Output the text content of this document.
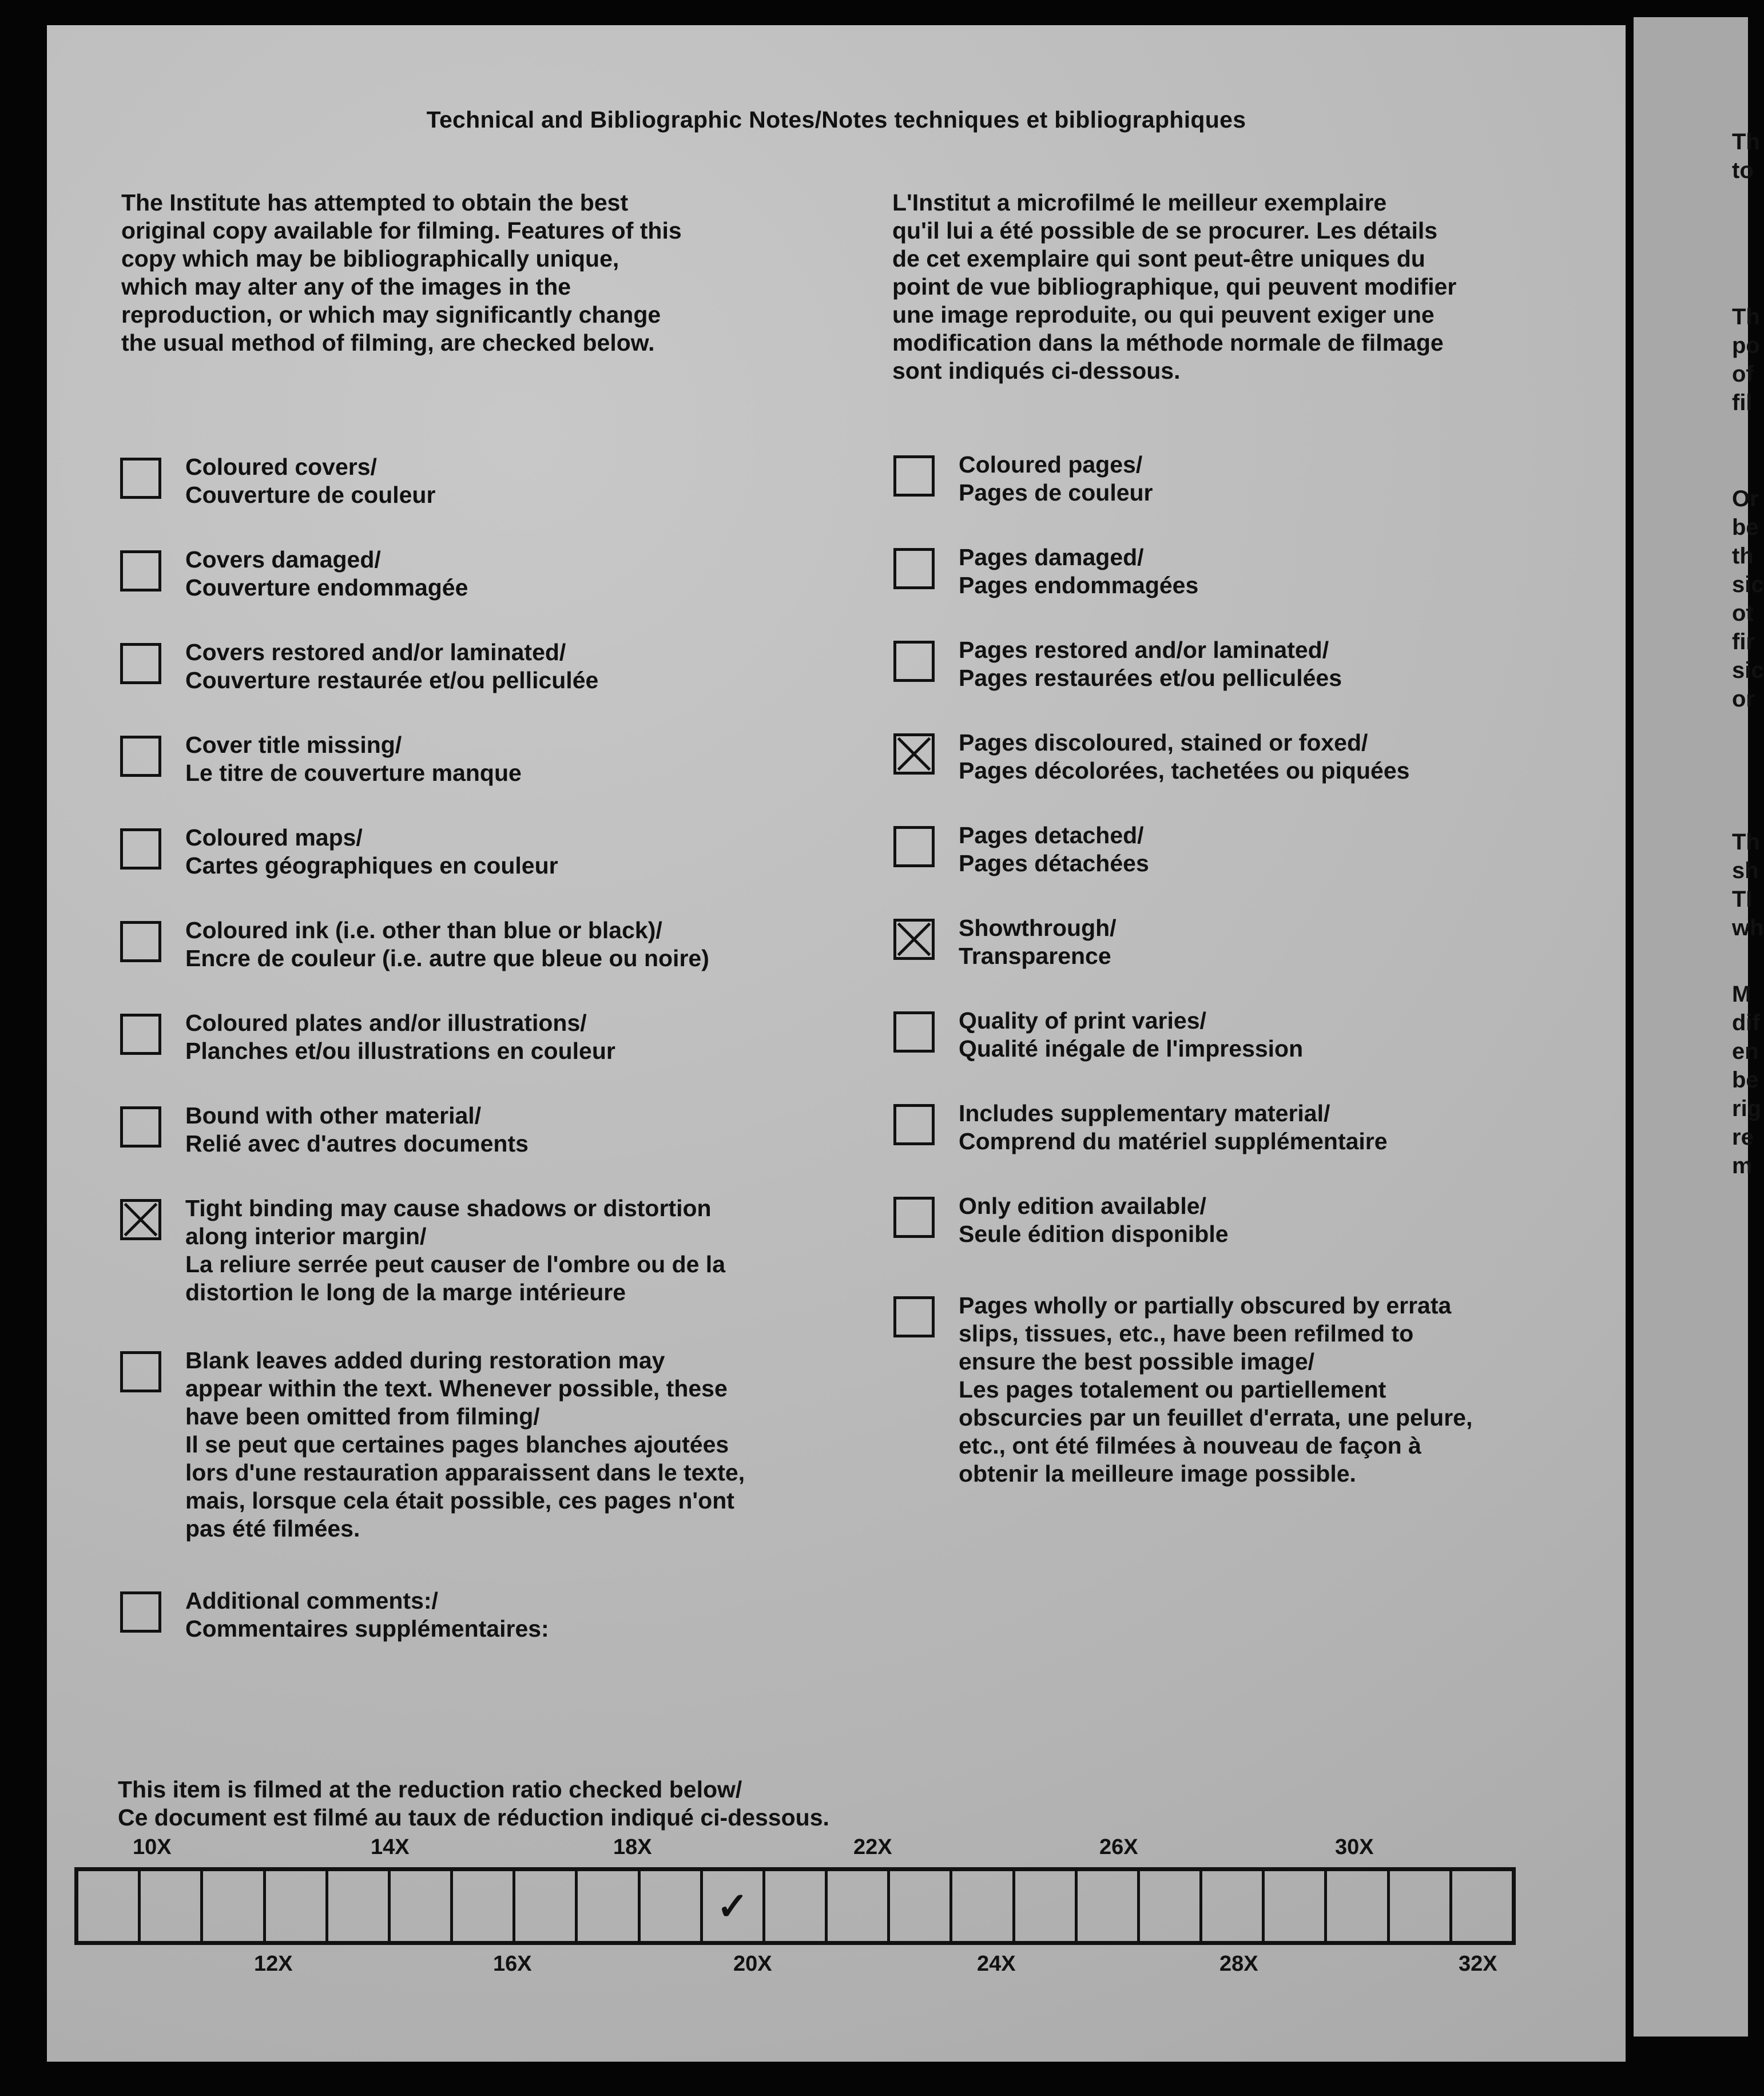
Technical and Bibliographic Notes/Notes techniques et bibliographiques

The Institute has attempted to obtain the best
original copy available for filming. Features of this
copy which may be bibliographically unique,
which may alter any of the images in the
reproduction, or which may significantly change
the usual method of filming, are checked below.

L'Institut a microfilmé le meilleur exemplaire
qu'il lui a été possible de se procurer. Les détails
de cet exemplaire qui sont peut-être uniques du
point de vue bibliographique, qui peuvent modifier
une image reproduite, ou qui peuvent exiger une
modification dans la méthode normale de filmage
sont indiqués ci-dessous.

Coloured covers/
Couverture de couleur

Covers damaged/
Couverture endommagée

Covers restored and/or laminated/
Couverture restaurée et/ou pelliculée

Cover title missing/
Le titre de couverture manque

Coloured maps/
Cartes géographiques en couleur

Coloured ink (i.e. other than blue or black)/
Encre de couleur (i.e. autre que bleue ou noire)

Coloured plates and/or illustrations/
Planches et/ou illustrations en couleur

Bound with other material/
Relié avec d'autres documents

Tight binding may cause shadows or distortion
along interior margin/
La reliure serrée peut causer de l'ombre ou de la
distortion le long de la marge intérieure

Blank leaves added during restoration may
appear within the text. Whenever possible, these
have been omitted from filming/
Il se peut que certaines pages blanches ajoutées
lors d'une restauration apparaissent dans le texte,
mais, lorsque cela était possible, ces pages n'ont
pas été filmées.

Additional comments:/
Commentaires supplémentaires:

Coloured pages/
Pages de couleur

Pages damaged/
Pages endommagées

Pages restored and/or laminated/
Pages restaurées et/ou pelliculées

Pages discoloured, stained or foxed/
Pages décolorées, tachetées ou piquées

Pages detached/
Pages détachées

Showthrough/
Transparence

Quality of print varies/
Qualité inégale de l'impression

Includes supplementary material/
Comprend du matériel supplémentaire

Only edition available/
Seule édition disponible

Pages wholly or partially obscured by errata
slips, tissues, etc., have been refilmed to
ensure the best possible image/
Les pages totalement ou partiellement
obscurcies par un feuillet d'errata, une pelure,
etc., ont été filmées à nouveau de façon à
obtenir la meilleure image possible.

This item is filmed at the reduction ratio checked below/
Ce document est filmé au taux de réduction indiqué ci-dessous.

Th
to
Th
po
of
fil
Or
be
th
sic
ot
fir
sic
or
Th
sh
TI
wh
M
dif
en
be
rig
re
m
10X	14X	18X	22X	26X	30X
✓
12X	16X	20X	24X	28X	32X
